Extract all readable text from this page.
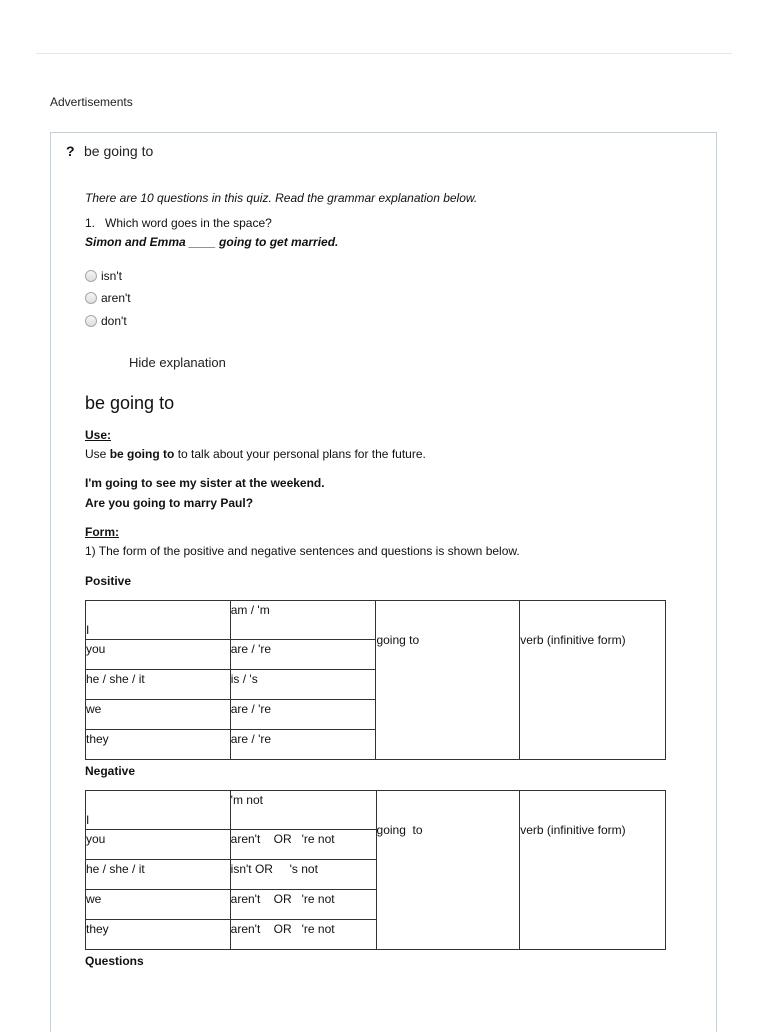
Advertisements
? be going to
There are 10 questions in this quiz. Read the grammar explanation below.
1. Which word goes in the space?
Simon and Emma ____ going to get married.
isn't
aren't
don't
Hide explanation
be going to
Use:
Use be going to to talk about your personal plans for the future.
I'm going to see my sister at the weekend.
Are you going to marry Paul?
Form:
1) The form of the positive and negative sentences and questions is shown below.
Positive
I	am / 'm	going to	verb (infinitive form)

you	are / 're		

he / she / it	is / 's		

we	are / 're		

they	are / 're		
Negative
I	'm not	going  to	verb (infinitive form)

you	aren't    OR   're not		

he / she / it	isn't OR     's not		

we	aren't    OR   're not		

they	aren't    OR   're not		
Questions
